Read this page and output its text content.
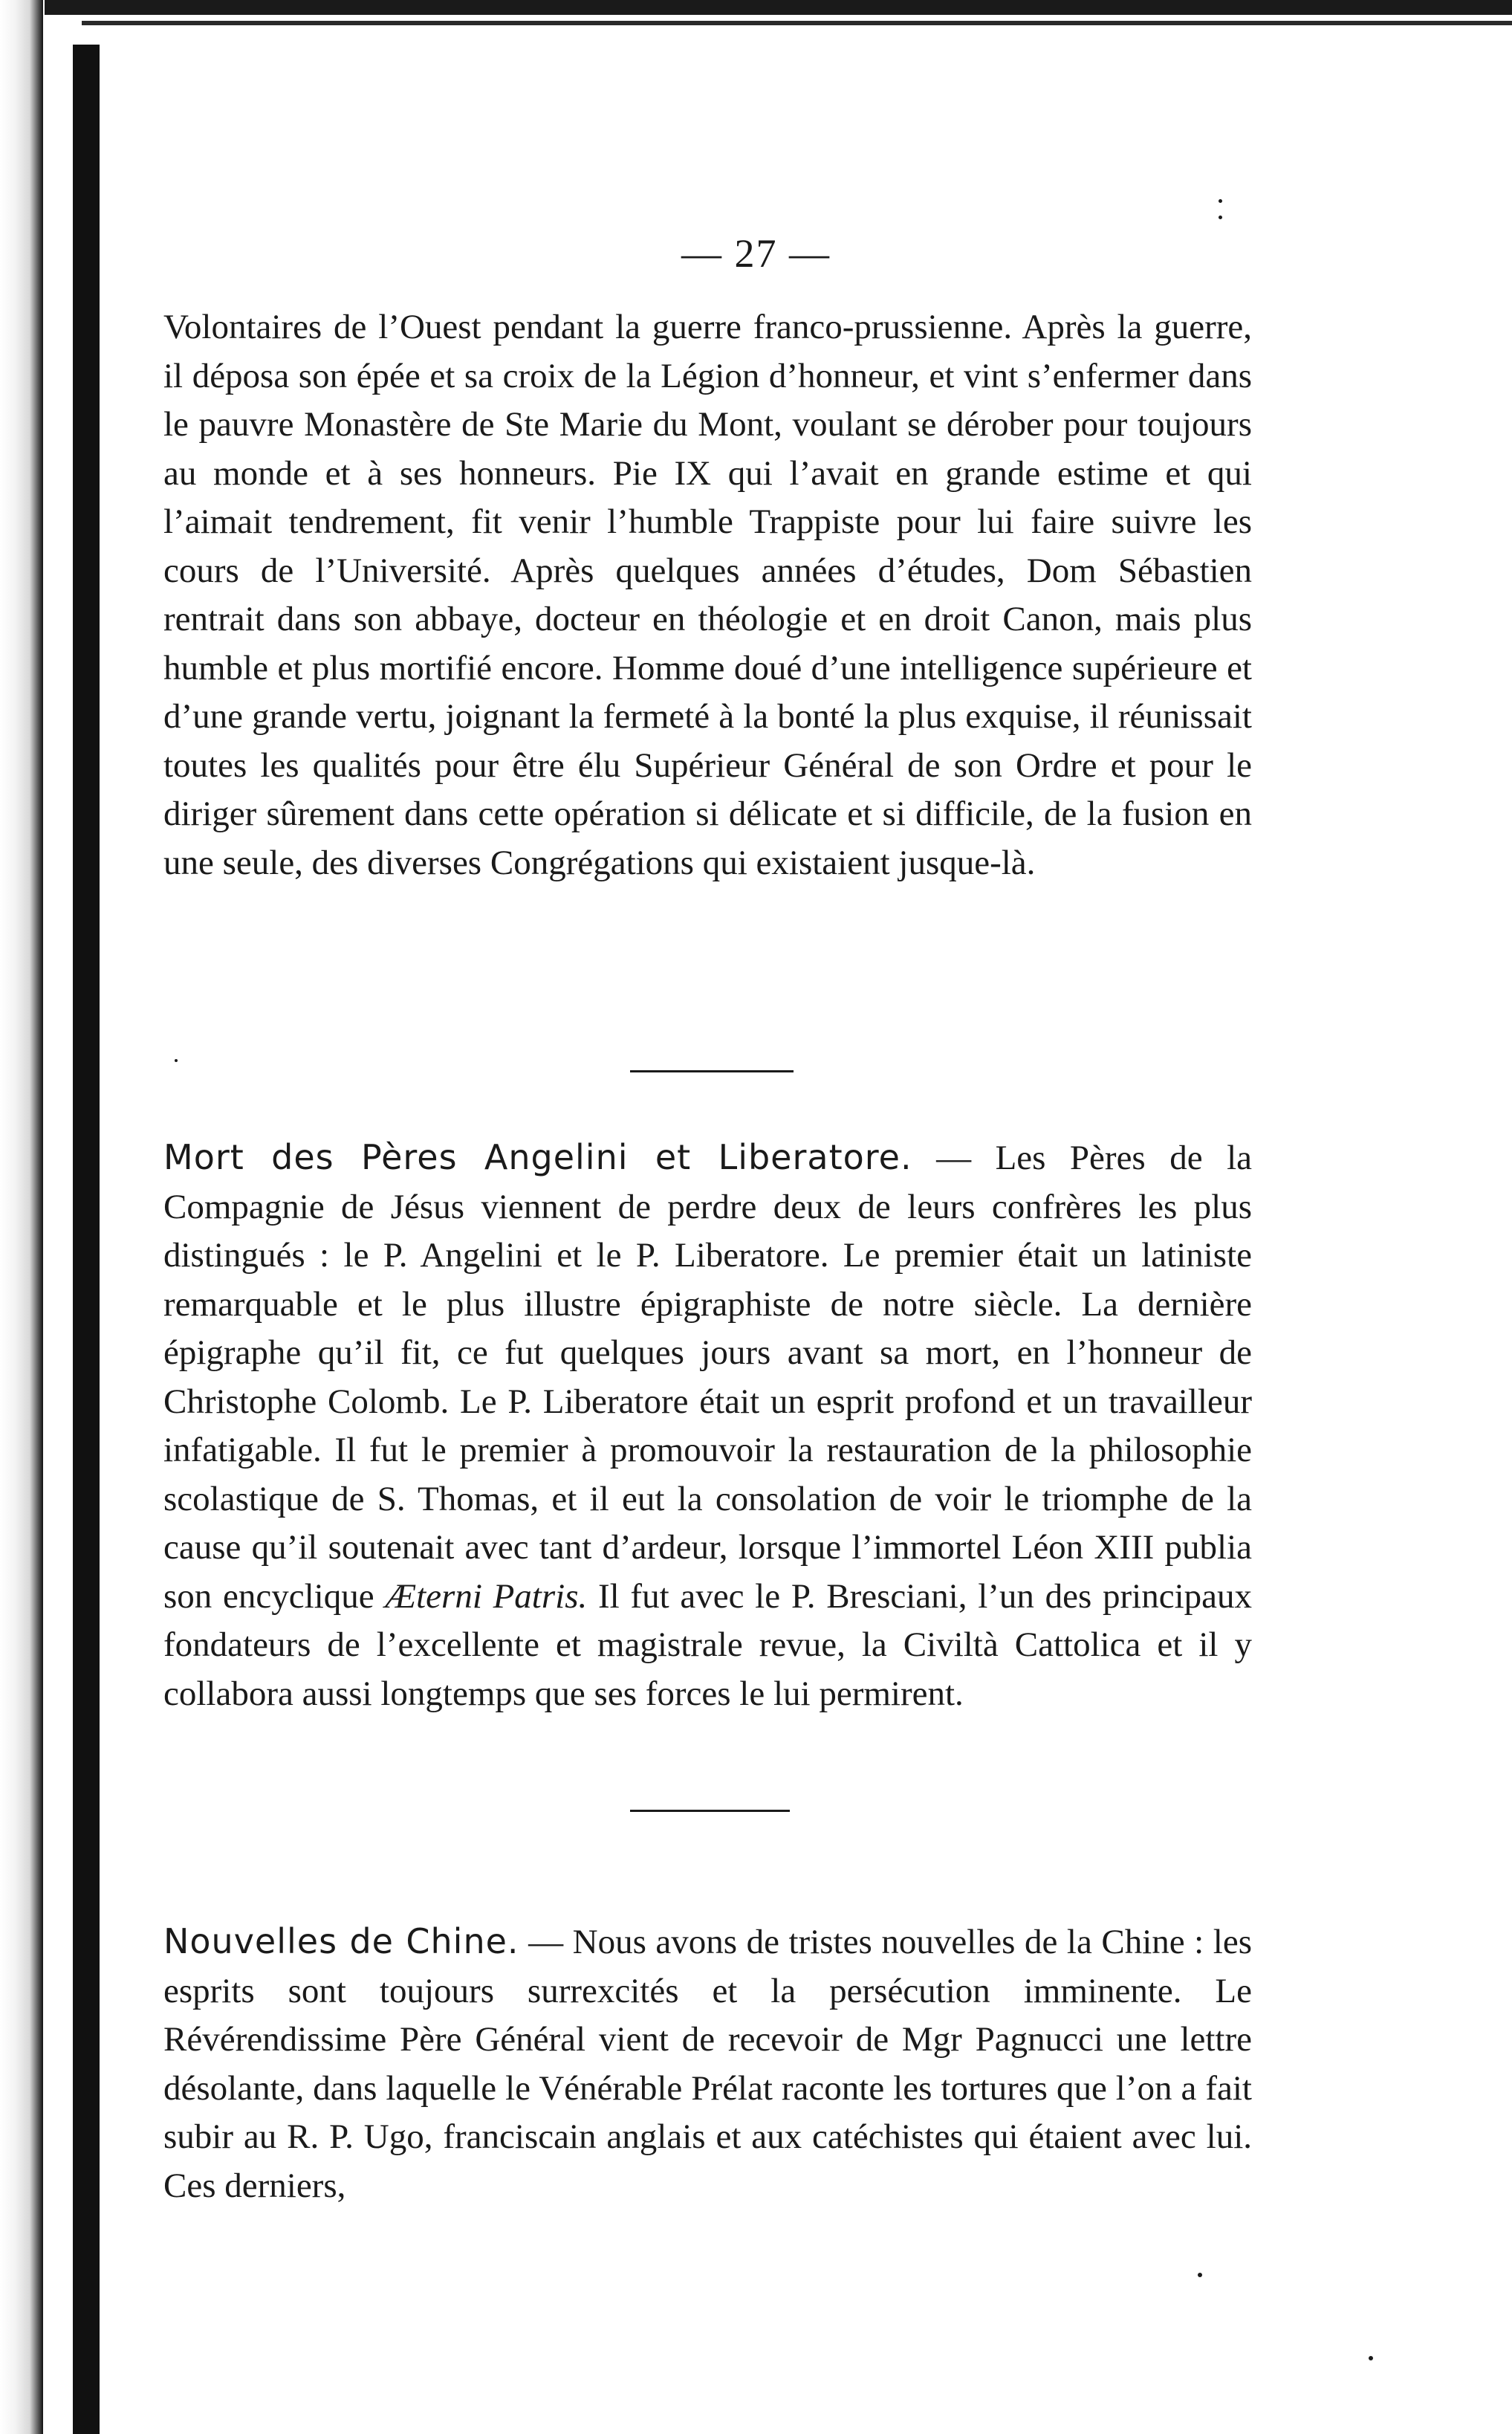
— 27 —

Volontaires de l’Ouest pendant la guerre franco-prussienne. Après la guerre, il déposa son épée et sa croix de la Légion d’honneur, et vint s’enfermer dans le pauvre Monastère de Ste Marie du Mont, voulant se dérober pour toujours au monde et à ses honneurs. Pie IX qui l’avait en grande estime et qui l’aimait tendrement, fit venir l’humble Trappiste pour lui faire suivre les cours de l’Université. Après quelques années d’études, Dom Sébastien rentrait dans son abbaye, docteur en théologie et en droit Canon, mais plus humble et plus mortifié encore. Homme doué d’une intelligence supérieure et d’une grande vertu, joignant la fermeté à la bonté la plus exquise, il réunissait toutes les qualités pour être élu Supérieur Général de son Ordre et pour le diriger sûrement dans cette opération si délicate et si difficile, de la fusion en une seule, des diverses Congrégations qui existaient jusque-là.

Mort des Pères Angelini et Liberatore. — Les Pères de la Compagnie de Jésus viennent de perdre deux de leurs confrères les plus distingués : le P. Angelini et le P. Liberatore. Le premier était un latiniste remarquable et le plus illustre épigraphiste de notre siècle. La dernière épigraphe qu’il fit, ce fut quelques jours avant sa mort, en l’honneur de Christophe Colomb. Le P. Liberatore était un esprit profond et un travailleur infatigable. Il fut le premier à promouvoir la restauration de la philosophie scolastique de S. Thomas, et il eut la consolation de voir le triomphe de la cause qu’il soutenait avec tant d’ardeur, lorsque l’immortel Léon XIII publia son encyclique Æterni Patris. Il fut avec le P. Bresciani, l’un des principaux fondateurs de l’excellente et magistrale revue, la Civiltà Cattolica et il y collabora aussi longtemps que ses forces le lui permirent.

Nouvelles de Chine. — Nous avons de tristes nouvelles de la Chine : les esprits sont toujours surrexcités et la persécution imminente. Le Révérendissime Père Général vient de recevoir de Mgr Pagnucci une lettre désolante, dans laquelle le Vénérable Prélat raconte les tortures que l’on a fait subir au R. P. Ugo, franciscain anglais et aux catéchistes qui étaient avec lui. Ces derniers,
